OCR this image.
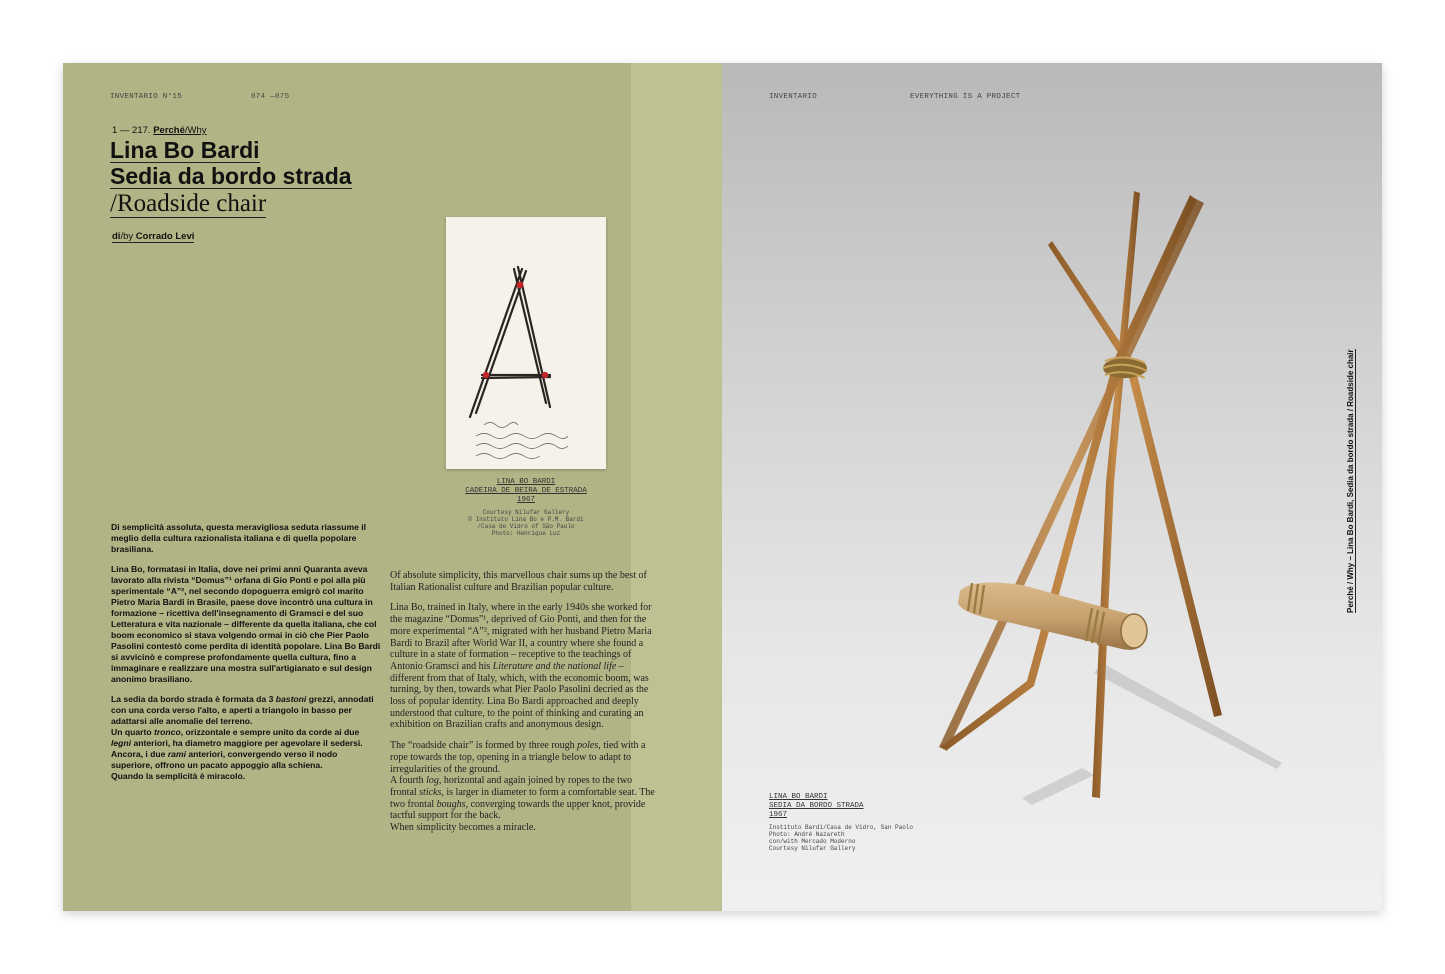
INVENTARIO N°15	074 —075
1 — 217. Perché/Why
Lina Bo Bardi
Sedia da bordo strada
/Roadside chair
di/by Corrado Levi
LINA BO BARDI
CADEIRA DE BEIRA DE ESTRADA
1967
Courtesy Nilufar Gallery
© Instituto Lina Bo e P.M. Bardi
/Casa de Vidro of São Paulo
Photo: Henrique Luz

Di semplicità assoluta, questa meravigliosa seduta riassume il meglio della cultura razionalista italiana e di quella popolare brasiliana.

Lina Bo, formatasi in Italia, dove nei primi anni Quaranta aveva lavorato alla rivista “Domus”¹ orfana di Gio Ponti e poi alla più sperimentale “A”², nel secondo dopoguerra emigrò col marito Pietro Maria Bardi in Brasile, paese dove incontrò una cultura in formazione – ricettiva dell'insegnamento di Gramsci e del suo Letteratura e vita nazionale – differente da quella italiana, che col boom economico si stava volgendo ormai in ciò che Pier Paolo Pasolini contestò come perdita di identità popolare. Lina Bo Bardi si avvicinò e comprese profondamente quella cultura, fino a immaginare e realizzare una mostra sull'artigianato e sul design anonimo brasiliano.

La sedia da bordo strada è formata da 3 bastoni grezzi, annodati con una corda verso l'alto, e aperti a triangolo in basso per adattarsi alle anomalie del terreno.
Un quarto tronco, orizzontale e sempre unito da corde ai due legni anteriori, ha diametro maggiore per agevolare il sedersi. Ancora, i due rami anteriori, convergendo verso il nodo superiore, offrono un pacato appoggio alla schiena.
Quando la semplicità è miracolo.

Of absolute simplicity, this marvellous chair sums up the best of Italian Rationalist culture and Brazilian popular culture.

Lina Bo, trained in Italy, where in the early 1940s she worked for the magazine “Domus”¹, deprived of Gio Ponti, and then for the more experimental “A”², migrated with her husband Pietro Maria Bardi to Brazil after World War II, a country where she found a culture in a state of formation – receptive to the teachings of Antonio Gramsci and his Literature and the national life – different from that of Italy, which, with the economic boom, was turning, by then, towards what Pier Paolo Pasolini decried as the loss of popular identity. Lina Bo Bardi approached and deeply understood that culture, to the point of thinking and curating an exhibition on Brazilian crafts and anonymous design.

The “roadside chair” is formed by three rough poles, tied with a rope towards the top, opening in a triangle below to adapt to irregularities of the ground.
A fourth log, horizontal and again joined by ropes to the two frontal sticks, is larger in diameter to form a comfortable seat. The two frontal boughs, converging towards the upper knot, provide tactful support for the back.
When simplicity becomes a miracle.

INVENTARIO	EVERYTHING IS A PROJECT
LINA BO BARDI
SEDIA DA BORDO STRADA
1967
Instituto Bardi/Casa de Vidro, San Paolo
Photo: André Nazareth
con/with Mercado Moderno
Courtesy Nilufar Gallery
Perché / Why – Lina Bo Bardi, Sedia da bordo strada / Roadside chair
